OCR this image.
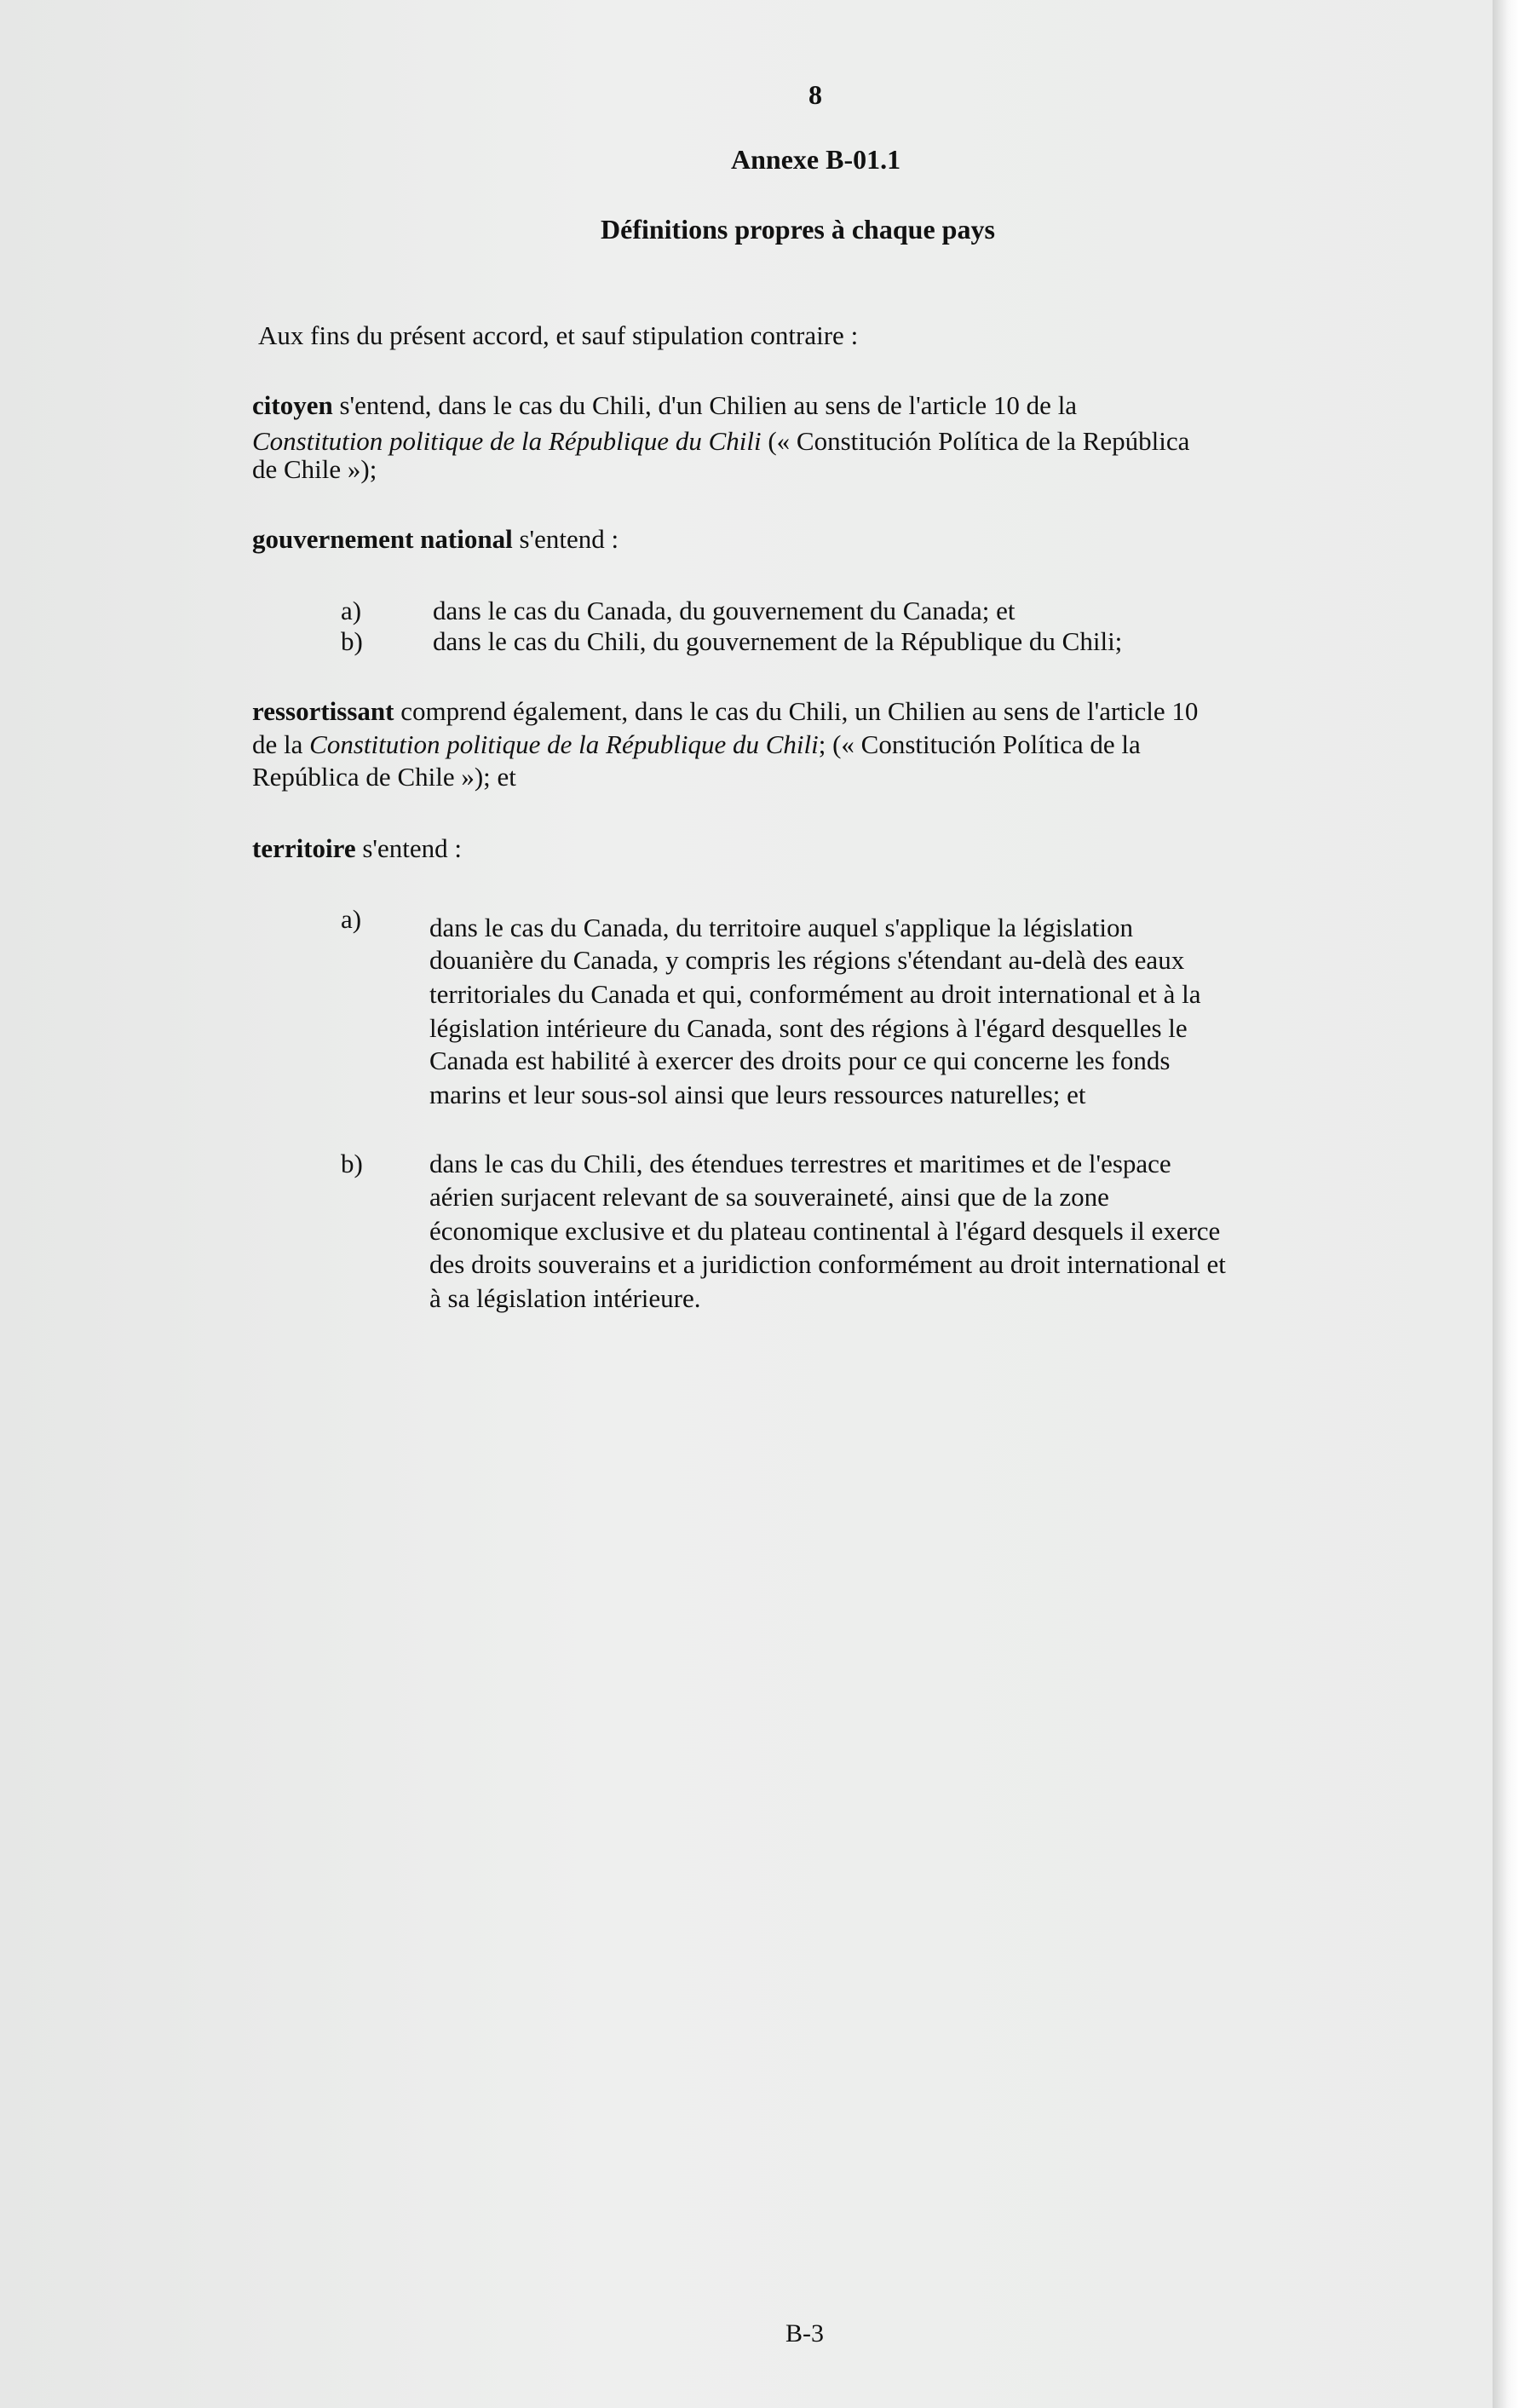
8
Annexe B-01.1
Définitions propres à chaque pays
Aux fins du présent accord, et sauf stipulation contraire :
citoyen s'entend, dans le cas du Chili, d'un Chilien au sens de l'article 10 de la
Constitution politique de la République du Chili (« Constitución Política de la República
de Chile »);
gouvernement national s'entend :
a)	dans le cas du Canada, du gouvernement du Canada; et
b)	dans le cas du Chili, du gouvernement de la République du Chili;
ressortissant comprend également, dans le cas du Chili, un Chilien au sens de l'article 10
de la Constitution politique de la République du Chili; (« Constitución Política de la
República de Chile »); et
territoire s'entend :
a)	dans le cas du Canada, du territoire auquel s'applique la législation
douanière du Canada, y compris les régions s'étendant au-delà des eaux
territoriales du Canada et qui, conformément au droit international et à la
législation intérieure du Canada, sont des régions à l'égard desquelles le
Canada est habilité à exercer des droits pour ce qui concerne les fonds
marins et leur sous-sol ainsi que leurs ressources naturelles; et
b)	dans le cas du Chili, des étendues terrestres et maritimes et de l'espace
aérien surjacent relevant de sa souveraineté, ainsi que de la zone
économique exclusive et du plateau continental à l'égard desquels il exerce
des droits souverains et a juridiction conformément au droit international et
à sa législation intérieure.
B-3
